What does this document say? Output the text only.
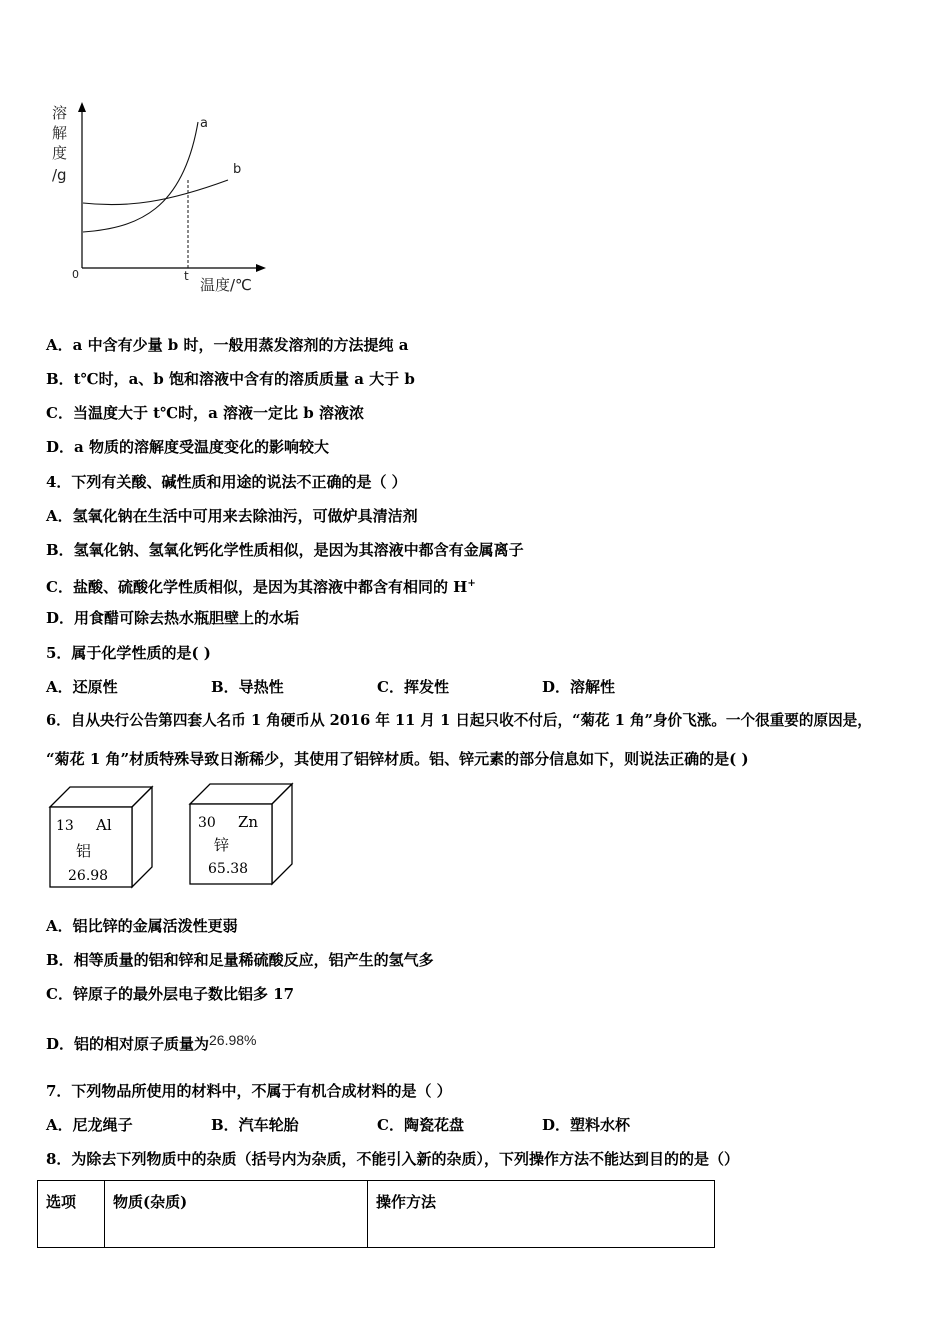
溶
解
度
/g
a
b
0	t 温度/℃
A．a 中含有少量 b 时，一般用蒸发溶剂的方法提纯 a
B．t℃时，a、b 饱和溶液中含有的溶质质量 a 大于 b
C．当温度大于 t℃时，a 溶液一定比 b 溶液浓
D．a 物质的溶解度受温度变化的影响较大
4．下列有关酸、碱性质和用途的说法不正确的是（ ）
A．氢氧化钠在生活中可用来去除油污，可做炉具清洁剂
B．氢氧化钠、氢氧化钙化学性质相似，是因为其溶液中都含有金属离子
C．盐酸、硫酸化学性质相似，是因为其溶液中都含有相同的 H+
D．用食醋可除去热水瓶胆壁上的水垢
5．属于化学性质的是( )
A．还原性	B．导热性	C．挥发性	D．溶解性
6．自从央行公告第四套人名币 1 角硬币从 2016 年 11 月 1 日起只收不付后，“菊花 1 角”身价飞涨。一个很重要的原因是，
“菊花 1 角”材质特殊导致日渐稀少，其使用了铝锌材质。铝、锌元素的部分信息如下，则说法正确的是( )
13 Al
铝
26.98
30 Zn
锌
65.38
A．铝比锌的金属活泼性更弱
B．相等质量的铝和锌和足量稀硫酸反应，铝产生的氢气多
C．锌原子的最外层电子数比铝多 17
D．铝的相对原子质量为26.98%
7．下列物品所使用的材料中，不属于有机合成材料的是（ ）
A．尼龙绳子	B．汽车轮胎	C．陶瓷花盘	D．塑料水杯
8．为除去下列物质中的杂质（括号内为杂质，不能引入新的杂质），下列操作方法不能达到目的的是（）
选项	物质(杂质)	操作方法
